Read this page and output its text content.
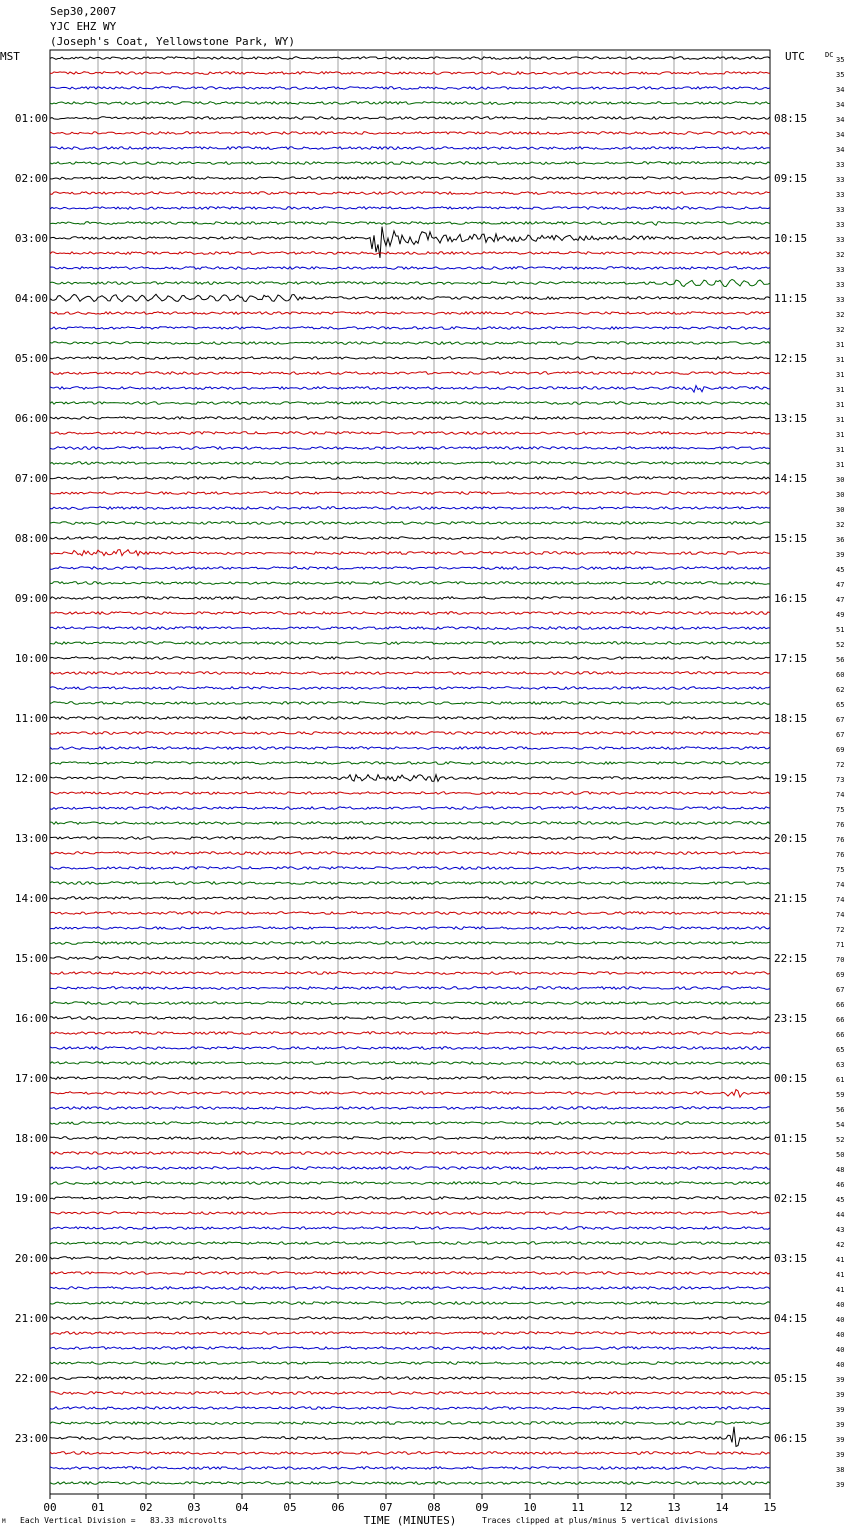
Sep30,2007
YJC EHZ WY
(Joseph's Coat, Yellowstone Park, WY)
MST	UTC
00	01	02	03	04	05	06	07	08	09	10	11	12	13	14	15
TIME (MINUTES)
DC
35
35
34
34
34
34
34
33
33
33
33
33
33
32
33
33
33
32
32
31
31
31
31
31
31
31
31
31
30
30
30
32
36
39
45
47
47
49
51
52
56
60
62
65
67
67
69
72
73
74
75
76
76
76
75
74
74
74
72
71
70
69
67
66
66
66
65
63
61
59
56
54
52
50
48
46
45
44
43
42
41
41
41
40
40
40
40
40
39
39
39
39
39
39
38
39
01:00	08:15
02:00	09:15
03:00	10:15
04:00	11:15
05:00	12:15
06:00	13:15
07:00	14:15
08:00	15:15
09:00	16:15
10:00	17:15
11:00	18:15
12:00	19:15
13:00	20:15
14:00	21:15
15:00	22:15
16:00	23:15
17:00	00:15
18:00	01:15
19:00	02:15
20:00	03:15
21:00	04:15
22:00	05:15
23:00	06:15
Each Vertical Division =   83.33 microvolts
M	Traces clipped at plus/minus 5 vertical divisions
